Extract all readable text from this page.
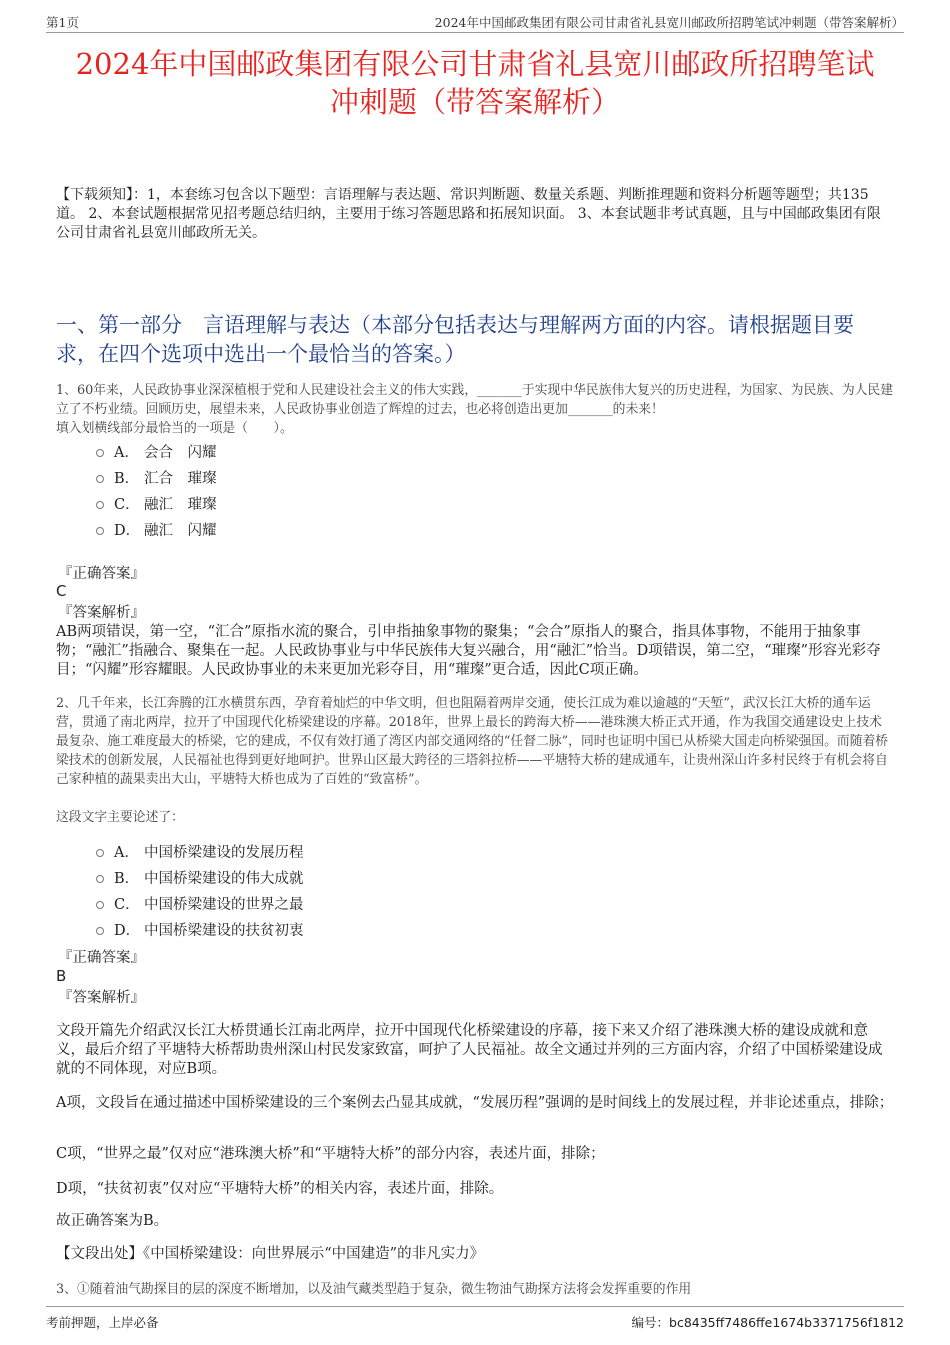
第1页	2024年中国邮政集团有限公司甘肃省礼县宽川邮政所招聘笔试冲刺题（带答案解析）
2024年中国邮政集团有限公司甘肃省礼县宽川邮政所招聘笔试
冲刺题（带答案解析）
【下载须知】：1，本套练习包含以下题型：言语理解与表达题、常识判断题、数量关系题、判断推理题和资料分析题等题型；共135道。 2、本套试题根据常见招考题总结归纳，主要用于练习答题思路和拓展知识面。 3、本套试题非考试真题，且与中国邮政集团有限公司甘肃省礼县宽川邮政所无关。
一、第一部分　言语理解与表达（本部分包括表达与理解两方面的内容。请根据题目要求，在四个选项中选出一个最恰当的答案。）
1、60年来，人民政协事业深深植根于党和人民建设社会主义的伟大实践，_______于实现中华民族伟大复兴的历史进程，为国家、为民族、为人民建立了不朽业绩。回顾历史，展望未来，人民政协事业创造了辉煌的过去，也必将创造出更加_______的未来！
填入划横线部分最恰当的一项是（　　）。
A． 会合　闪耀
B． 汇合　璀璨
C． 融汇　璀璨
D． 融汇　闪耀
『正确答案』
C
『答案解析』
AB两项错误，第一空，“汇合”原指水流的聚合，引申指抽象事物的聚集；“会合”原指人的聚合，指具体事物，不能用于抽象事物；“融汇”指融合、聚集在一起。人民政协事业与中华民族伟大复兴融合，用“融汇”恰当。D项错误，第二空，“璀璨”形容光彩夺目；“闪耀”形容耀眼。人民政协事业的未来更加光彩夺目，用“璀璨”更合适，因此C项正确。
2、几千年来，长江奔腾的江水横贯东西，孕育着灿烂的中华文明，但也阻隔着两岸交通，使长江成为难以逾越的“天堑”，武汉长江大桥的通车运营，贯通了南北两岸，拉开了中国现代化桥梁建设的序幕。2018年，世界上最长的跨海大桥——港珠澳大桥正式开通，作为我国交通建设史上技术最复杂、施工难度最大的桥梁，它的建成，不仅有效打通了湾区内部交通网络的“任督二脉”，同时也证明中国已从桥梁大国走向桥梁强国。而随着桥梁技术的创新发展，人民福祉也得到更好地呵护。世界山区最大跨径的三塔斜拉桥——平塘特大桥的建成通车，让贵州深山许多村民终于有机会将自己家种植的蔬果卖出大山，平塘特大桥也成为了百姓的“致富桥”。
这段文字主要论述了：
A． 中国桥梁建设的发展历程
B． 中国桥梁建设的伟大成就
C． 中国桥梁建设的世界之最
D． 中国桥梁建设的扶贫初衷
『正确答案』
B
『答案解析』
文段开篇先介绍武汉长江大桥贯通长江南北两岸，拉开中国现代化桥梁建设的序幕，接下来又介绍了港珠澳大桥的建设成就和意义，最后介绍了平塘特大桥帮助贵州深山村民发家致富，呵护了人民福祉。故全文通过并列的三方面内容，介绍了中国桥梁建设成就的不同体现，对应B项。
A项，文段旨在通过描述中国桥梁建设的三个案例去凸显其成就，“发展历程”强调的是时间线上的发展过程，并非论述重点，排除；
C项，“世界之最”仅对应“港珠澳大桥”和“平塘特大桥”的部分内容，表述片面，排除；
D项，“扶贫初衷”仅对应“平塘特大桥”的相关内容，表述片面，排除。
故正确答案为B。
【文段出处】《中国桥梁建设：向世界展示“中国建造”的非凡实力》
3、①随着油气勘探目的层的深度不断增加，以及油气藏类型趋于复杂，微生物油气勘探方法将会发挥重要的作用
考前押题，上岸必备	编号：bc8435ff7486ffe1674b3371756f1812
